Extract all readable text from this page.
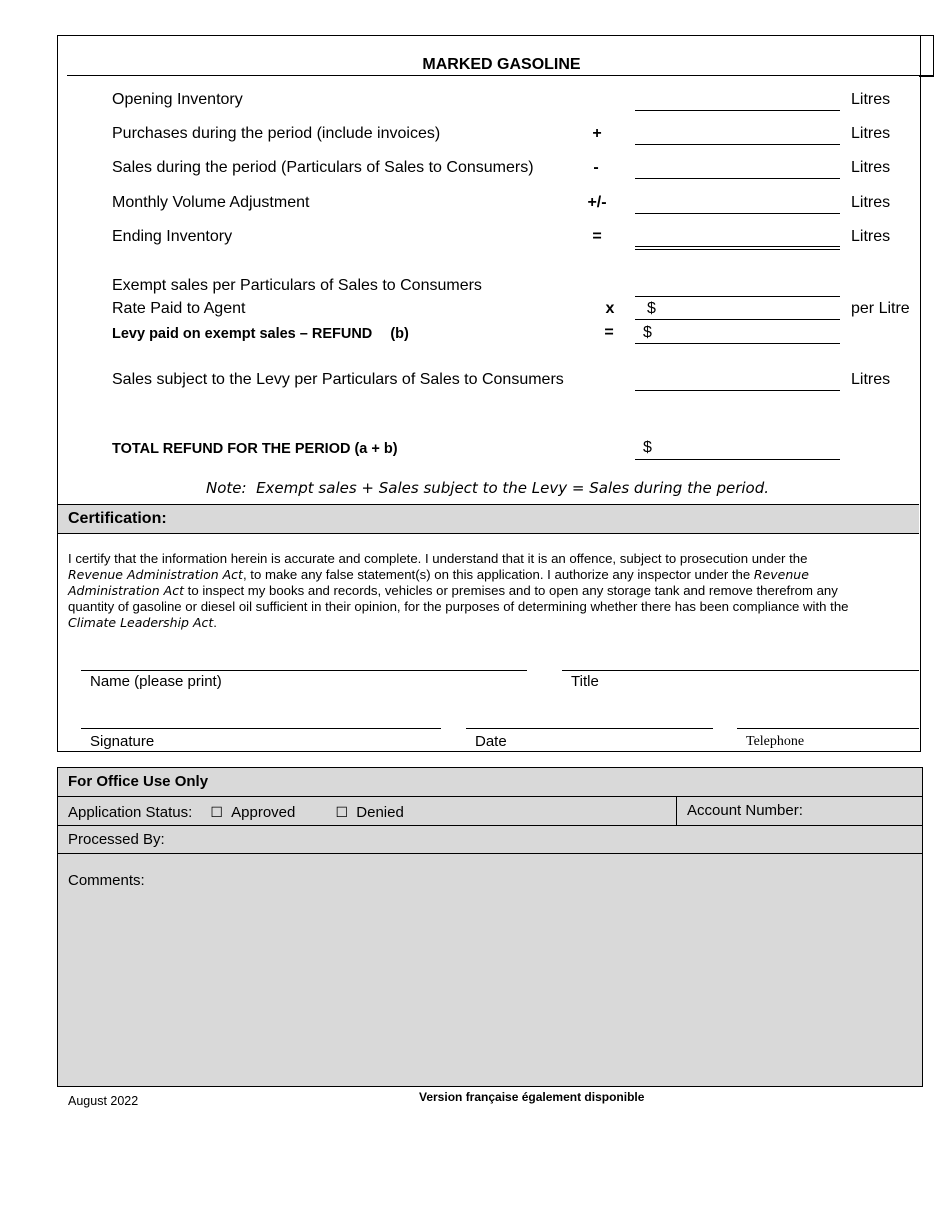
MARKED GASOLINE
Opening Inventory	Litres
Purchases during the period (include invoices)	+	Litres
Sales during the period (Particulars of Sales to Consumers)	-	Litres
Monthly Volume Adjustment	+/-	Litres
Ending Inventory	=	Litres
Exempt sales per Particulars of Sales to Consumers
Rate Paid to Agent	x	$	per Litre
Levy paid on exempt sales – REFUND (b)	=	$
Sales subject to the Levy per Particulars of Sales to Consumers	Litres
TOTAL REFUND FOR THE PERIOD (a + b)	$
Note:  Exempt sales + Sales subject to the Levy = Sales during the period.
Certification:
I certify that the information herein is accurate and complete. I understand that it is an offence, subject to prosecution under the
Revenue Administration Act, to make any false statement(s) on this application. I authorize any inspector under the Revenue
Administration Act to inspect my books and records, vehicles or premises and to open any storage tank and remove therefrom any
quantity of gasoline or diesel oil sufficient in their opinion, for the purposes of determining whether there has been compliance with the
Climate Leadership Act.
Name (please print)	Title
Signature	Date	Telephone
For Office Use Only
Application Status: ☐ Approved	☐ Denied	Account Number:
Processed By:
Comments:
August 2022	Version française également disponible
